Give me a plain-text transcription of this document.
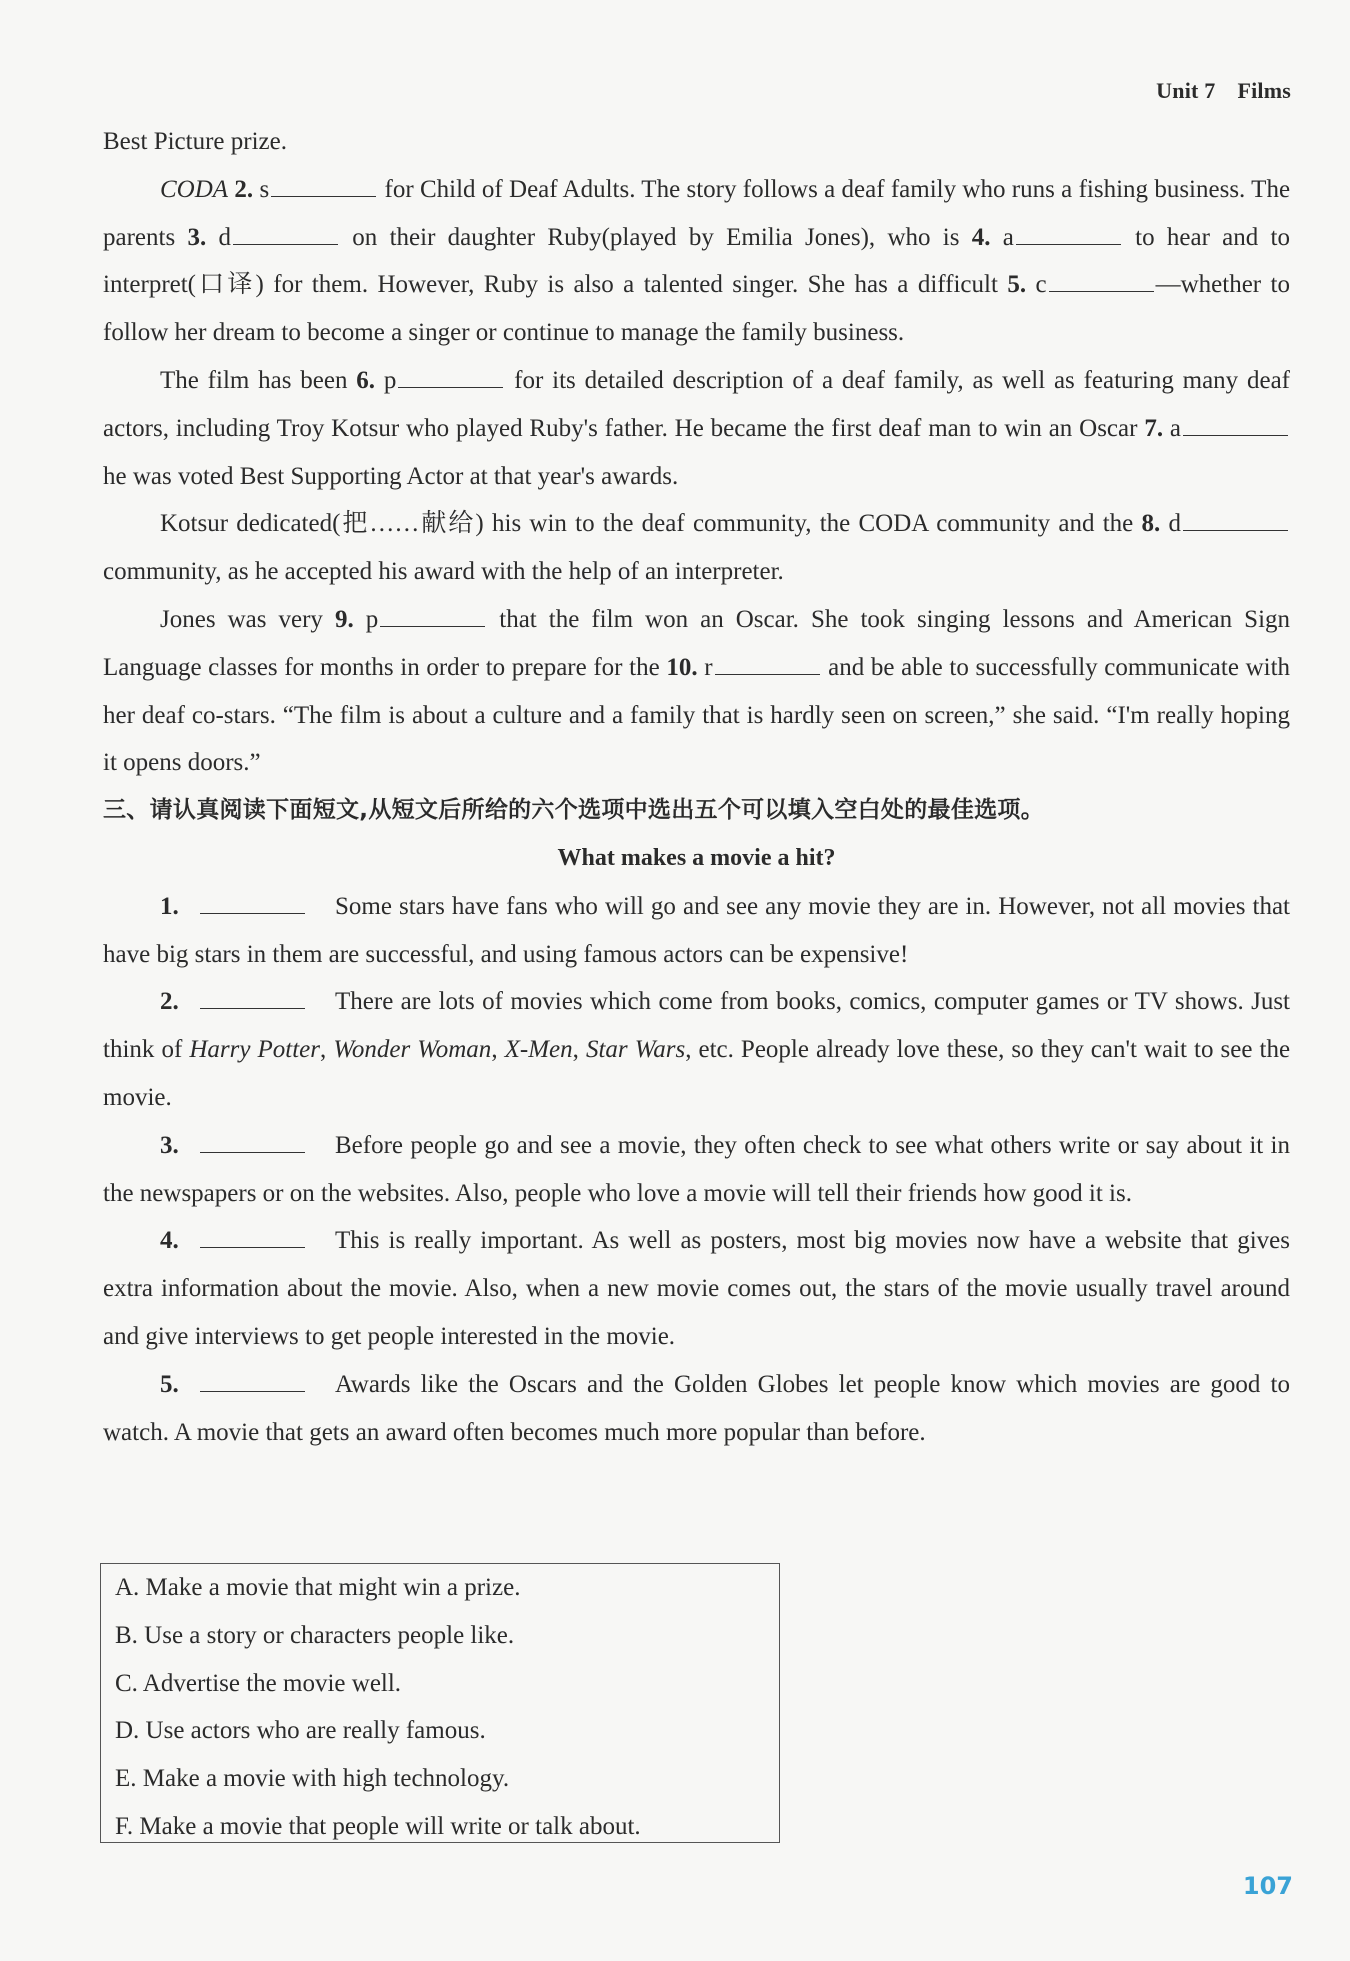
Unit 7 Films

Best Picture prize.

CODA 2. s	for Child of Deaf Adults. The story follows a deaf family who runs a fishing business. The parents 3. d	on their daughter Ruby(played by Emilia Jones), who is 4. a	to hear and to interpret(口译) for them. However, Ruby is also a talented singer. She has a difficult 5. c	—whether to follow her dream to become a singer or continue to manage the family business.

The film has been 6. p	for its detailed description of a deaf family, as well as featuring many deaf actors, including Troy Kotsur who played Ruby's father. He became the first deaf man to win an Oscar 7. a he was voted Best Supporting Actor at that year's awards.

Kotsur dedicated(把……献给) his win to the deaf community, the CODA community and the 8. d community, as he accepted his award with the help of an interpreter.

Jones was very 9. p	that the film won an Oscar. She took singing lessons and American Sign Language classes for months in order to prepare for the 10. r	and be able to successfully communicate with her deaf co-stars. “The film is about a culture and a family that is hardly seen on screen,” she said. “I'm really hoping it opens doors.”

三、请认真阅读下面短文,从短文后所给的六个选项中选出五个可以填入空白处的最佳选项。

What makes a movie a hit?

1.	Some stars have fans who will go and see any movie they are in. However, not all movies that have big stars in them are successful, and using famous actors can be expensive!

2.	There are lots of movies which come from books, comics, computer games or TV shows. Just think of Harry Potter, Wonder Woman, X-Men, Star Wars, etc. People already love these, so they can't wait to see the movie.

3.	Before people go and see a movie, they often check to see what others write or say about it in the newspapers or on the websites. Also, people who love a movie will tell their friends how good it is.

4.	This is really important. As well as posters, most big movies now have a website that gives extra information about the movie. Also, when a new movie comes out, the stars of the movie usually travel around and give interviews to get people interested in the movie.

5.	Awards like the Oscars and the Golden Globes let people know which movies are good to watch. A movie that gets an award often becomes much more popular than before.

A. Make a movie that might win a prize.
B. Use a story or characters people like.
C. Advertise the movie well.
D. Use actors who are really famous.
E. Make a movie with high technology.
F. Make a movie that people will write or talk about.
107
